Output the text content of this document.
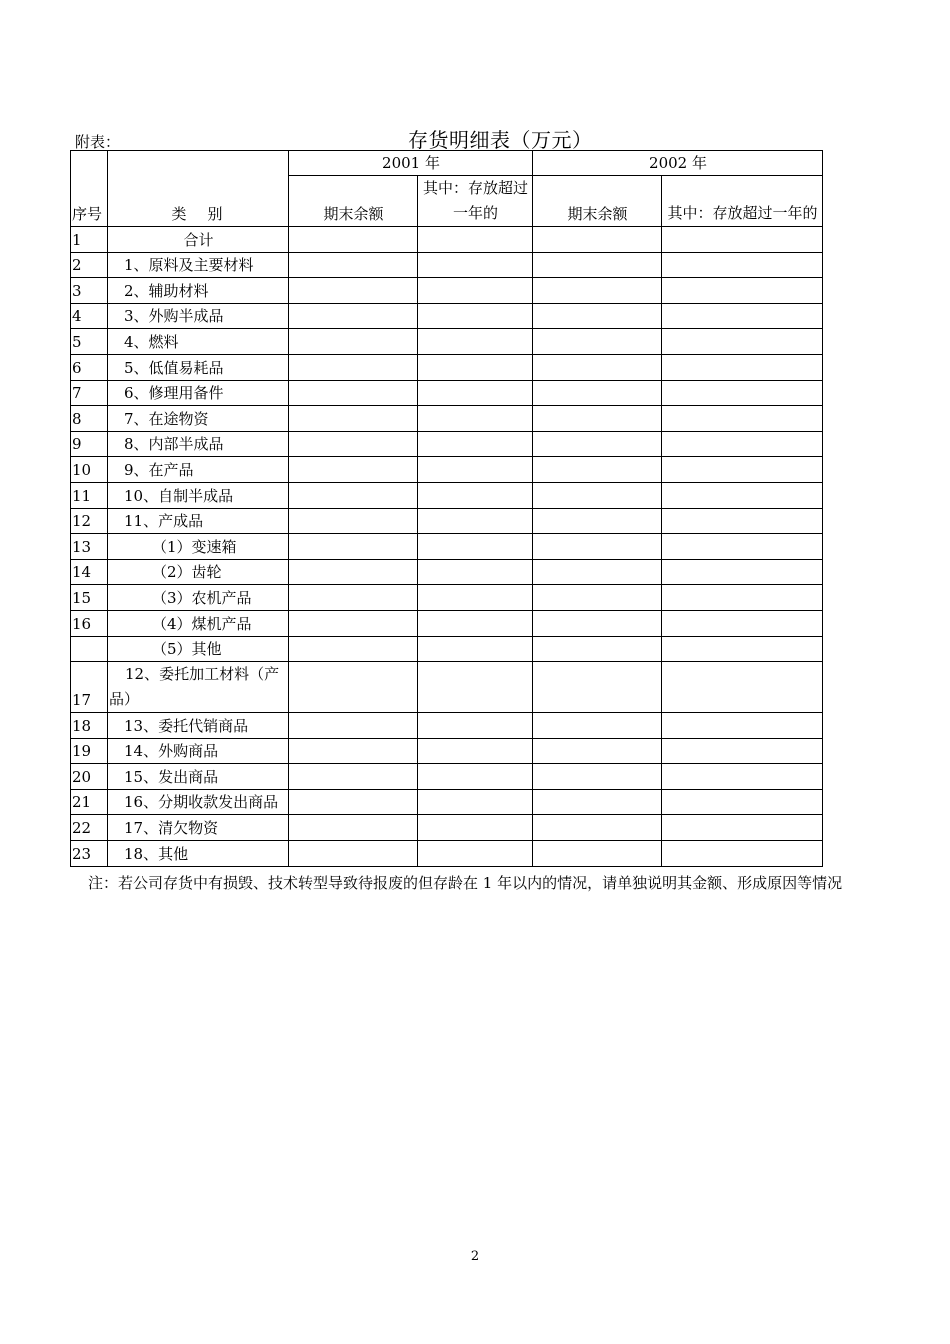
附表：	存货明细表（万元）
序号	类　别	2001 年		2002 年	
		期末余额	其中：存放超过一年的	期末余额	其中：存放超过一年的
1	合计				
2	1、原料及主要材料				
3	2、辅助材料				
4	3、外购半成品				
5	4、燃料				
6	5、低值易耗品				
7	6、修理用备件				
8	7、在途物资				
9	8、内部半成品				
10	9、在产品				
11	10、自制半成品				
12	11、产成品				
13	（1）变速箱				
14	（2）齿轮				
15	（3）农机产品				
16	（4）煤机产品				
	（5）其他				
17	12、委托加工材料（产品）				
18	13、委托代销商品				
19	14、外购商品				
20	15、发出商品				
21	16、分期收款发出商品				
22	17、清欠物资				
23	18、其他				
注：若公司存货中有损毁、技术转型导致待报废的但存龄在 1 年以内的情况，请单独说明其金额、形成原因等情况
2
